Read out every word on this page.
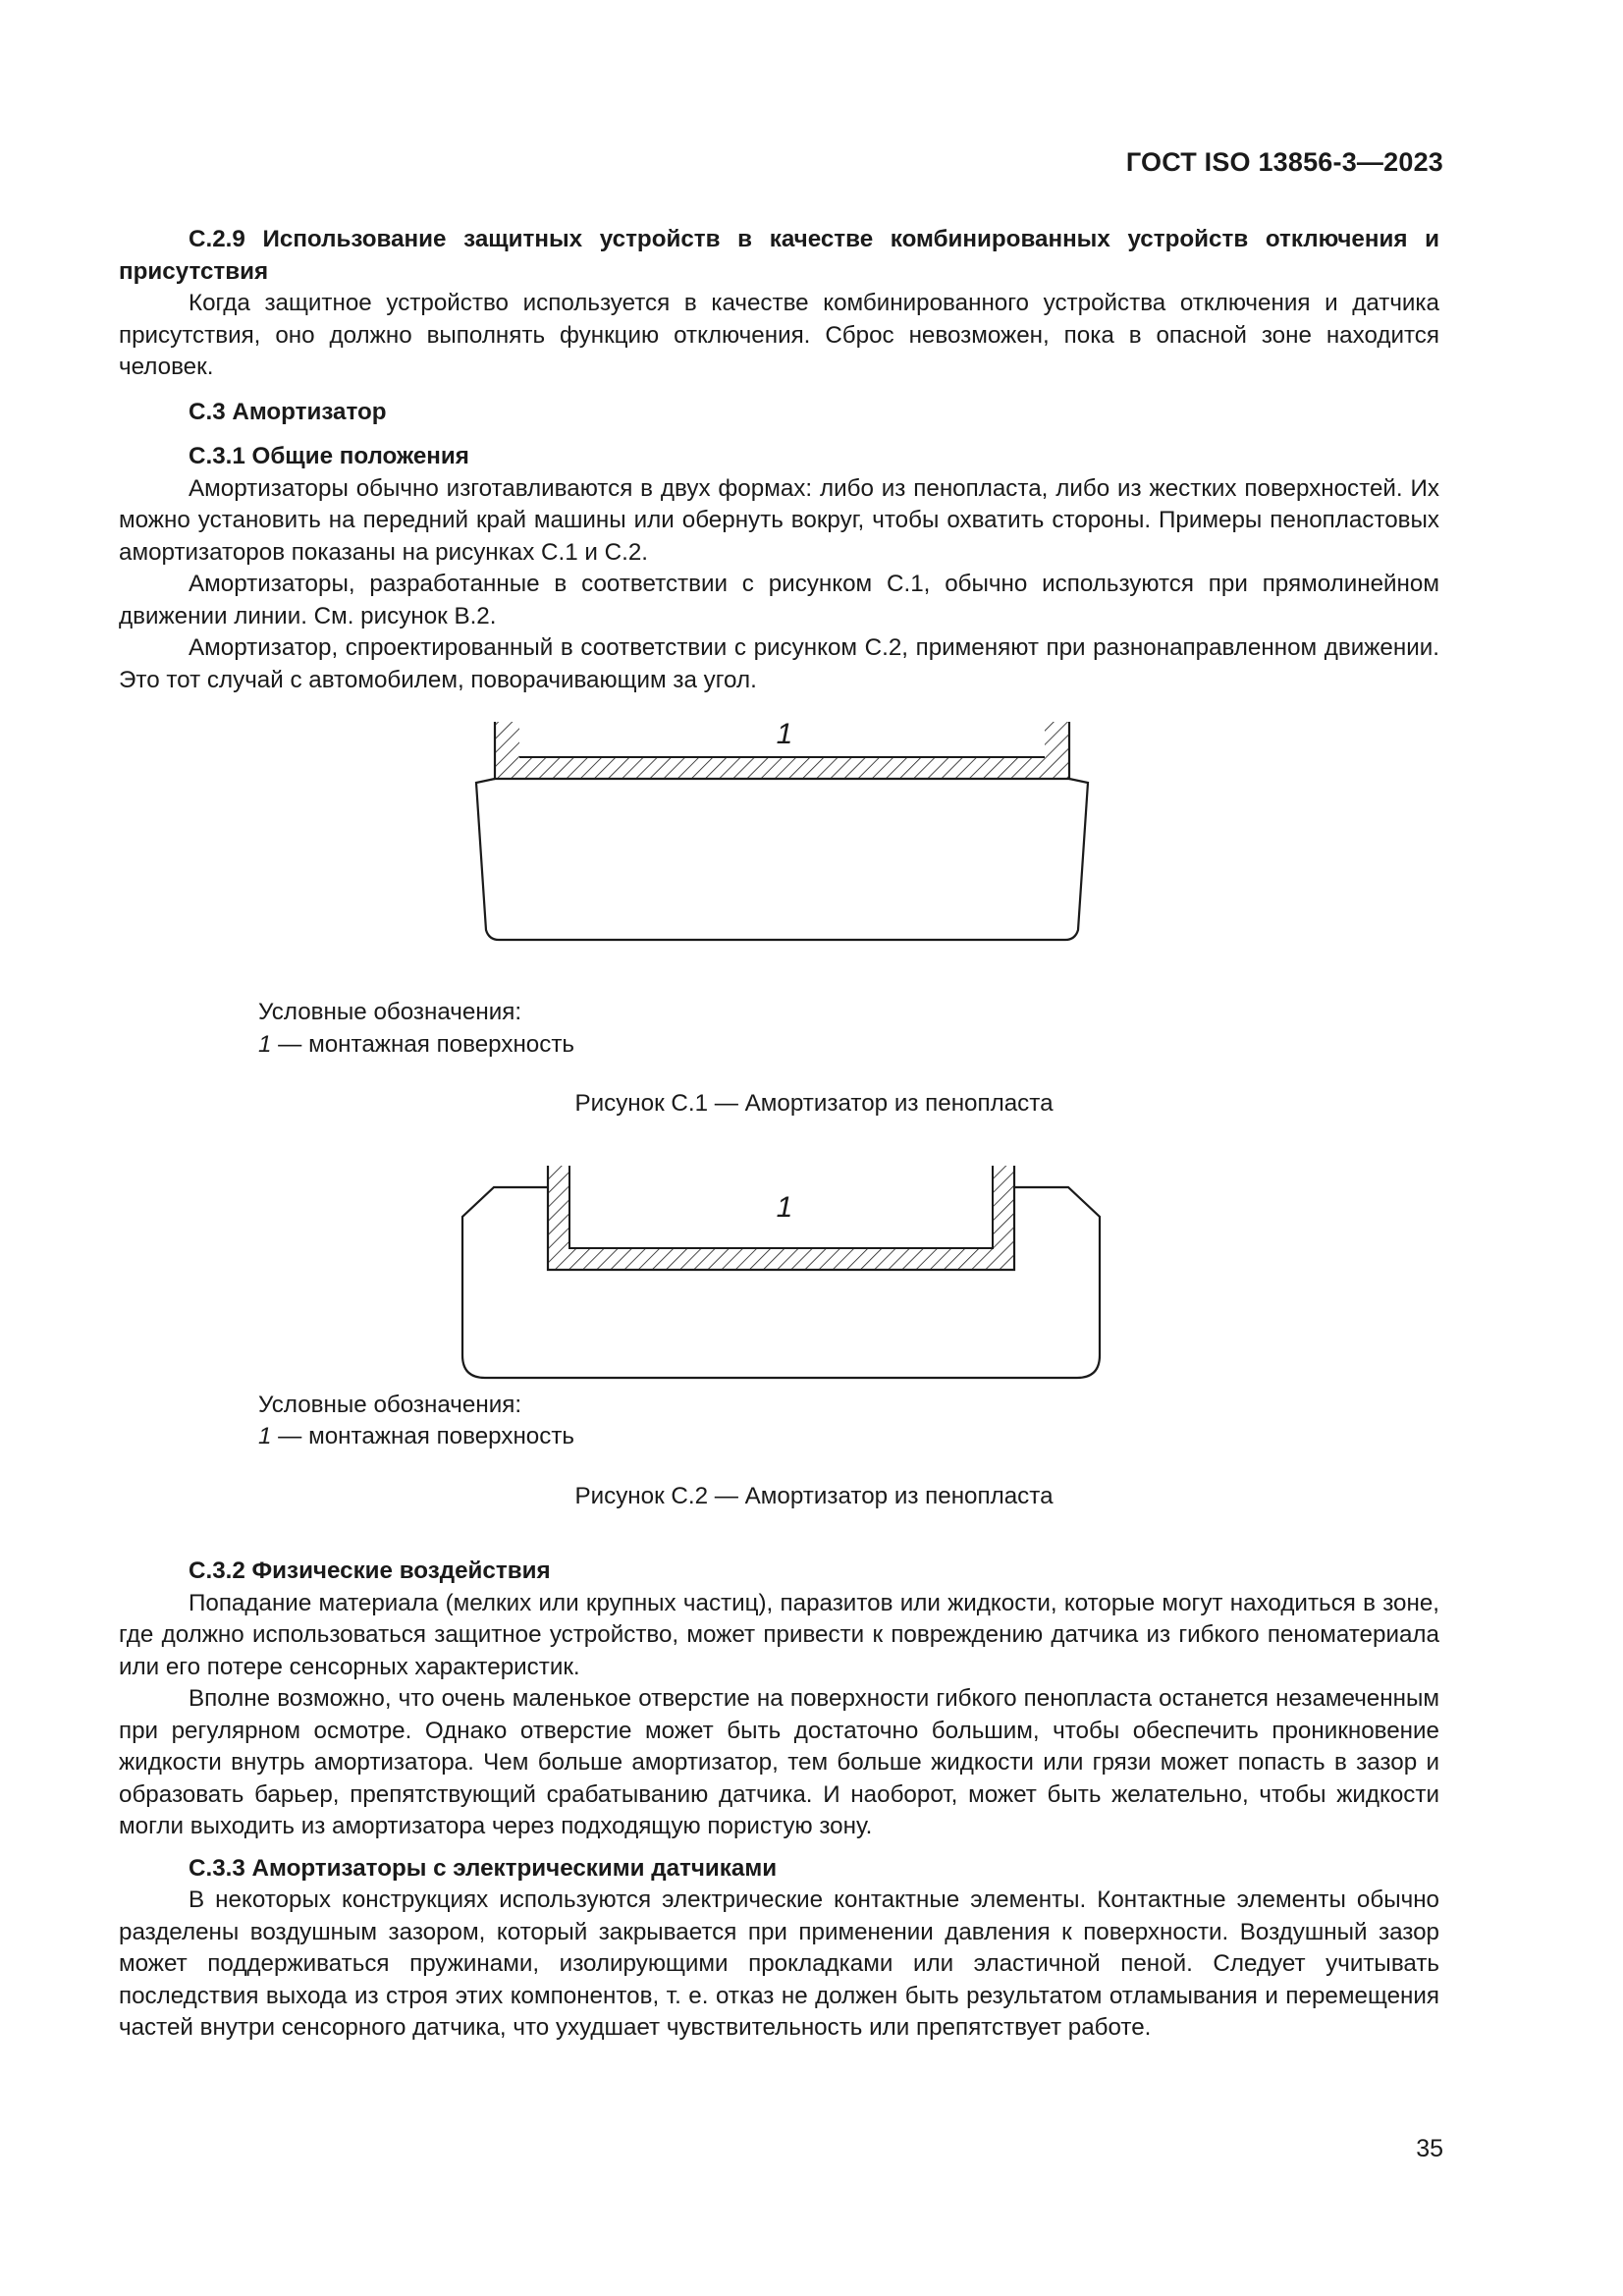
ГОСТ ISO 13856-3—2023

С.2.9 Использование защитных устройств в качестве комбинированных устройств отключения и присутствия

Когда защитное устройство используется в качестве комбинированного устройства отключения и датчика присутствия, оно должно выполнять функцию отключения. Сброс невозможен, пока в опасной зоне находится человек.

С.3 Амортизатор

С.3.1 Общие положения

Амортизаторы обычно изготавливаются в двух формах: либо из пенопласта, либо из жестких поверхностей. Их можно установить на передний край машины или обернуть вокруг, чтобы охватить стороны. Примеры пенопластовых амортизаторов показаны на рисунках С.1 и С.2.

Амортизаторы, разработанные в соответствии с рисунком С.1, обычно используются при прямолинейном движении линии. См. рисунок В.2.

Амортизатор, спроектированный в соответствии с рисунком С.2, применяют при разнонаправленном движении. Это тот случай с автомобилем, поворачивающим за угол.

1

Условные обозначения:

1 — монтажная поверхность

Рисунок С.1 — Амортизатор из пенопласта

1

Условные обозначения:

1 — монтажная поверхность

Рисунок С.2 — Амортизатор из пенопласта

С.3.2 Физические воздействия

Попадание материала (мелких или крупных частиц), паразитов или жидкости, которые могут находиться в зоне, где должно использоваться защитное устройство, может привести к повреждению датчика из гибкого пеноматериала или его потере сенсорных характеристик.

Вполне возможно, что очень маленькое отверстие на поверхности гибкого пенопласта останется незамеченным при регулярном осмотре. Однако отверстие может быть достаточно большим, чтобы обеспечить проникновение жидкости внутрь амортизатора. Чем больше амортизатор, тем больше жидкости или грязи может попасть в зазор и образовать барьер, препятствующий срабатыванию датчика. И наоборот, может быть желательно, чтобы жидкости могли выходить из амортизатора через подходящую пористую зону.

С.3.3 Амортизаторы с электрическими датчиками

В некоторых конструкциях используются электрические контактные элементы. Контактные элементы обычно разделены воздушным зазором, который закрывается при применении давления к поверхности. Воздушный зазор может поддерживаться пружинами, изолирующими прокладками или эластичной пеной. Следует учитывать последствия выхода из строя этих компонентов, т. е. отказ не должен быть результатом отламывания и перемещения частей внутри сенсорного датчика, что ухудшает чувствительность или препятствует работе.

35
